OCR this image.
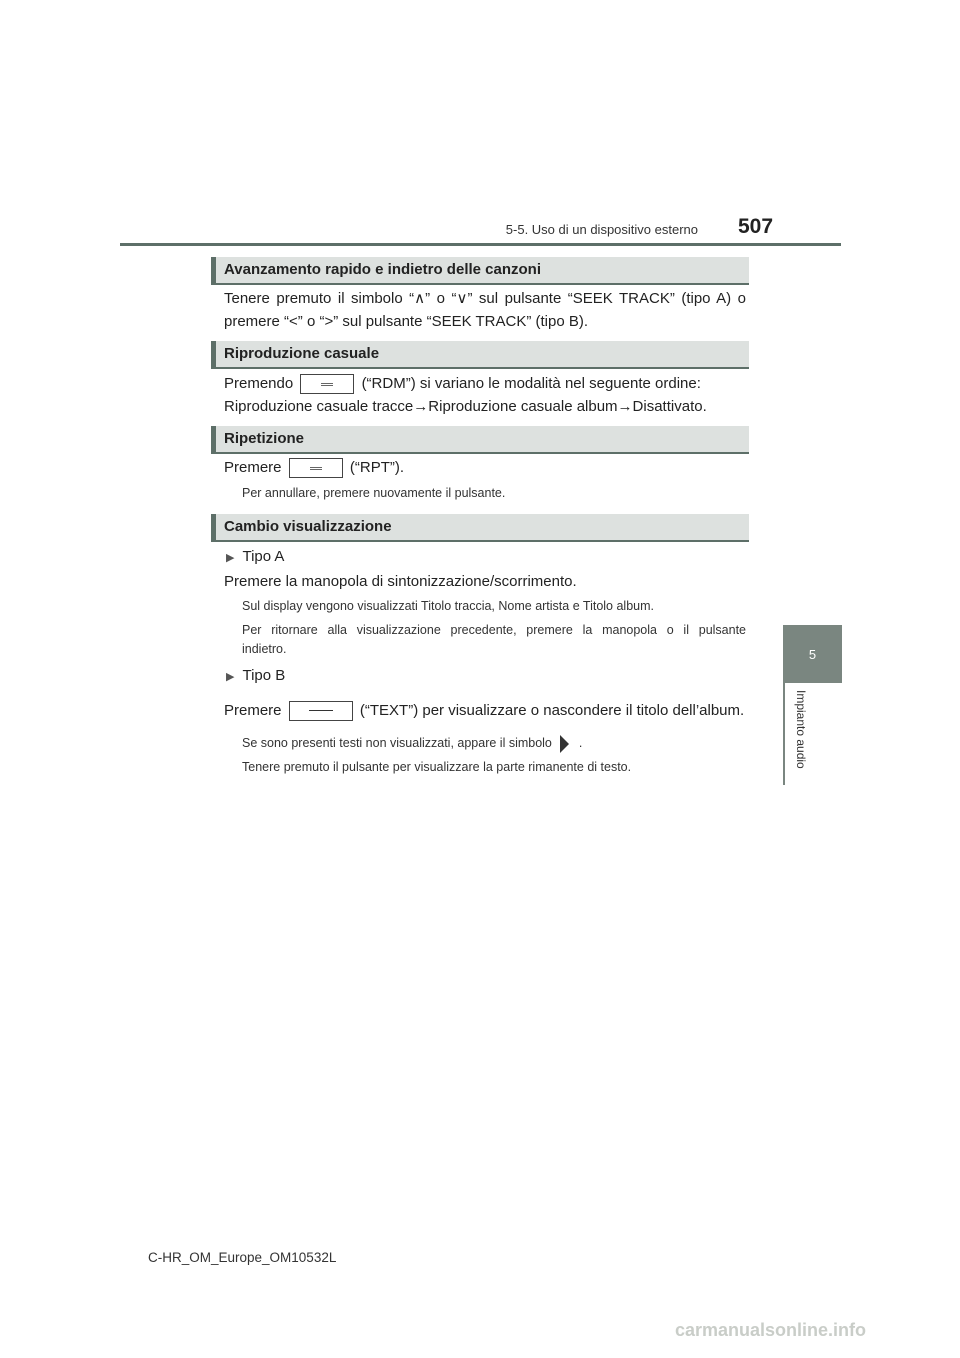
5-5. Uso di un dispositivo esterno 507
5
Impianto audio
Avanzamento rapido e indietro delle canzoni
Tenere premuto il simbolo “∧” o “∨” sul pulsante “SEEK TRACK” (tipo A) o
premere “<” o “>” sul pulsante “SEEK TRACK” (tipo B).
Riproduzione casuale
Premendo	(“RDM”) si variano le modalità nel seguente ordine:
Riproduzione casuale tracce→Riproduzione casuale album→Disattivato.
Ripetizione
Premere	(“RPT”).
Per annullare, premere nuovamente il pulsante.
Cambio visualizzazione
▶ Tipo A
Premere la manopola di sintonizzazione/scorrimento.
Sul display vengono visualizzati Titolo traccia, Nome artista e Titolo album.
Per ritornare alla visualizzazione precedente, premere la manopola o il pulsante
indietro.
▶ Tipo B
Premere	(“TEXT”) per visualizzare o nascondere il titolo dell’album.
Se sono presenti testi non visualizzati, appare il simbolo .
Tenere premuto il pulsante per visualizzare la parte rimanente di testo.
C-HR_OM_Europe_OM10532L
carmanualsonline.info
